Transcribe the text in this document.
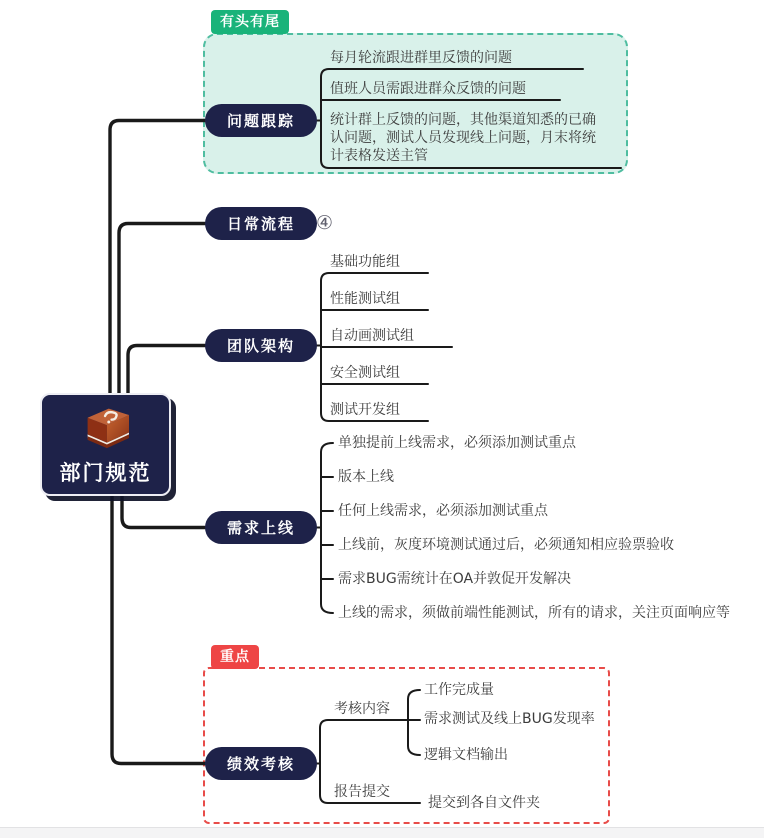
有头有尾
重点
部门规范
问题跟踪
日常流程	④
团队架构
需求上线
绩效考核
每月轮流跟进群里反馈的问题
值班人员需跟进群众反馈的问题
统计群上反馈的问题，其他渠道知悉的已确认问题，测试人员发现线上问题，月末将统计表格发送主管
基础功能组
性能测试组
自动画测试组
安全测试组
测试开发组
单独提前上线需求，必须添加测试重点
版本上线
任何上线需求，必须添加测试重点
上线前，灰度环境测试通过后，必须通知相应验票验收
需求BUG需统计在OA并敦促开发解决
上线的需求，须做前端性能测试，所有的请求，关注页面响应等
考核内容
工作完成量
需求测试及线上BUG发现率
逻辑文档输出
报告提交
提交到各自文件夹
